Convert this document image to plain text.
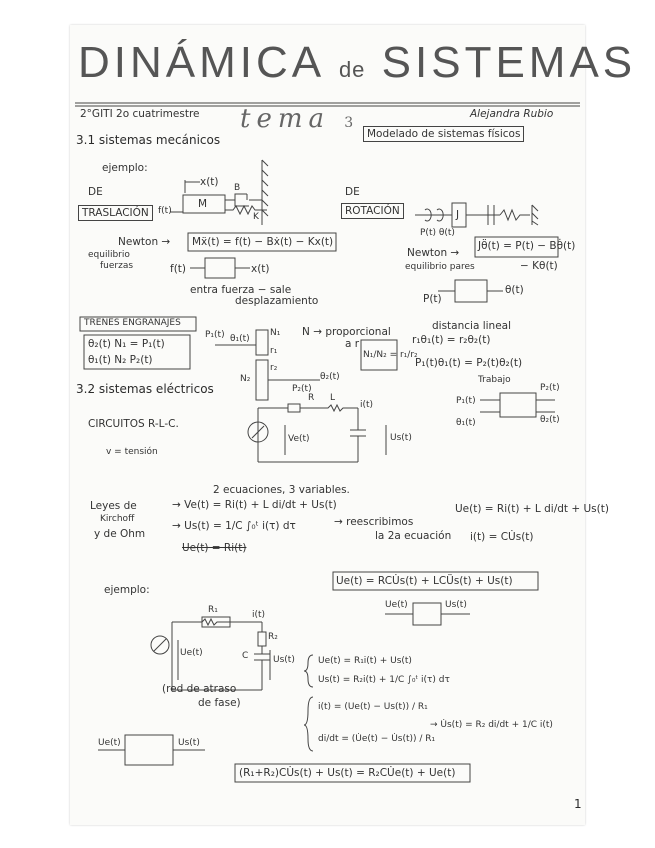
DINÁMICA de SISTEMAS
2°GITI 2o cuatrimestre tema 3
Alejandra Rubio
3.1 sistemas mecánicos	Modelado de sistemas físicos
ejemplo:
DE
TRASLACIÓN
x(t)
f(t)
M
B
K
Newton →
equilibrio
fuerzas
Mẍ(t) = f(t) − Bẋ(t) − Kx(t)
f(t)	x(t)
entra fuerza − sale
desplazamiento
DE
ROTACIÓN
P(t) θ(t)
J
Newton →
equilibrio pares
Jθ̈(t) = P(t) − Bθ̇(t)
− Kθ(t)
P(t)
θ(t)
TRENES ENGRANAJES
θ₂(t) N₁ = P₁(t)
θ₁(t) N₂ P₂(t)
P₁(t) θ₁(t)
N₁
r₁
N₂
r₂
P₂(t)
θ₂(t)
N → proporcional
a r
N₁/N₂ = r₁/r₂
distancia lineal
r₁θ₁(t) = r₂θ₂(t)
P₁(t)θ₁(t) = P₂(t)θ₂(t)
Trabajo
P₁(t)
P₂(t)
θ₁(t)	θ₂(t)
3.2 sistemas eléctricos
CIRCUITOS R-L-C.
v = tensión
R L
i(t)
Ve(t)	Us(t)
2 ecuaciones, 3 variables.
Leyes de
Kirchoff
y de Ohm
→ Ve(t) = Ri(t) + L di/dt + Us(t)
→ Us(t) = 1/C ∫₀ᵗ i(τ) dτ
Ue(t) = Ri(t)
→ reescribimos
la 2a ecuación
Ue(t) = Ri(t) + L di/dt + Us(t)
i(t) = CU̇s(t)
Ue(t) = RCU̇s(t) + LCÜs(t) + Us(t)
Ue(t)	Us(t)
ejemplo:
R₁
R₂
i(t)
C
Ue(t)
Us(t)
(red de atraso
de fase)
Ue(t) = R₁i(t) + Us(t)
Us(t) = R₂i(t) + 1/C ∫₀ᵗ i(τ) dτ
i(t) = (Ue(t) − Us(t)) / R₁
di/dt = (U̇e(t) − U̇s(t)) / R₁
→ U̇s(t) = R₂ di/dt + 1/C i(t)
Ue(t)	Us(t)
(R₁+R₂)CU̇s(t) + Us(t) = R₂CU̇e(t) + Ue(t)
1
